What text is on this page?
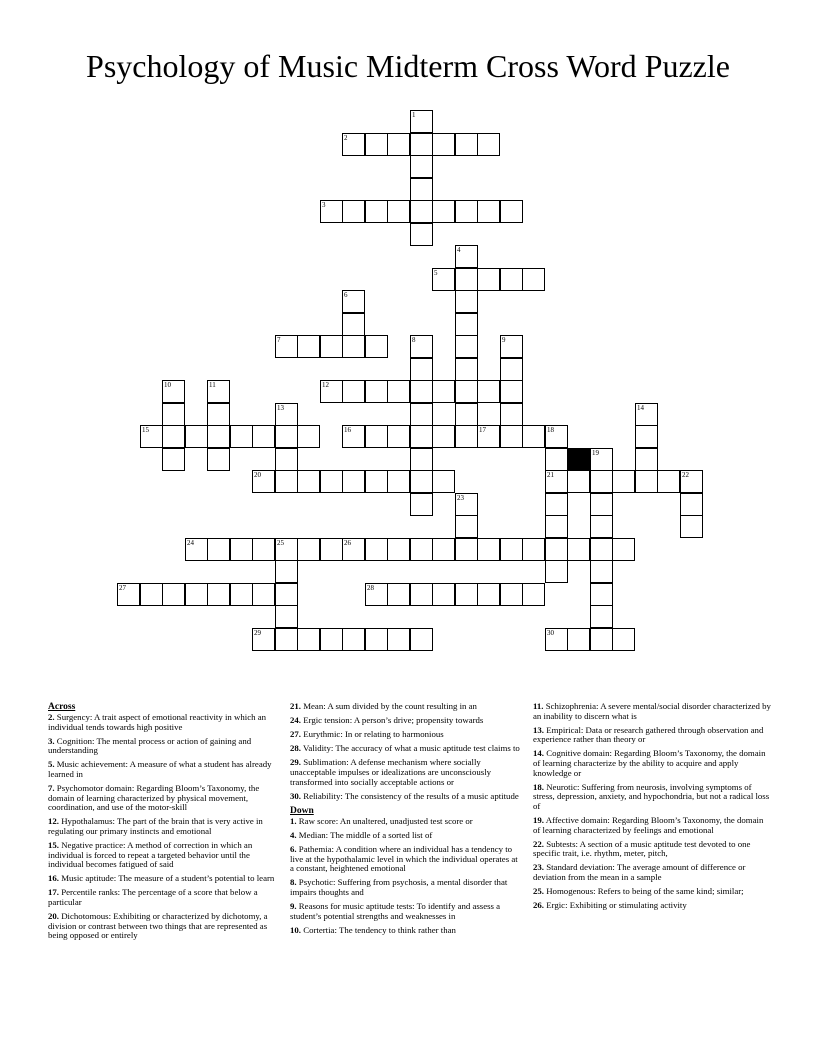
Psychology of Music Midterm Cross Word Puzzle
1
2
3
4
5
6
7	8	9
12
10	11
13	14
15	16	17	18
21
19
20	22
23
24	25	26
27	28
29	30
Across
2. Surgency: A trait aspect of emotional reactivity in which an individual tends towards high positive
3. Cognition: The mental process or action of gaining and understanding
5. Music achievement: A measure of what a student has already learned in
7. Psychomotor domain: Regarding Bloom’s Taxonomy, the domain of learning characterized by physical movement, coordination, and use of the motor-skill
12. Hypothalamus: The part of the brain that is very active in regulating our primary instincts and emotional
15. Negative practice: A method of correction in which an individual is forced to repeat a targeted behavior until the individual becomes fatigued of said
16. Music aptitude: The measure of a student’s potential to learn
17. Percentile ranks: The percentage of a score that below a particular
20. Dichotomous: Exhibiting or characterized by dichotomy, a division or contrast between two things that are represented as being opposed or entirely
21. Mean: A sum divided by the count resulting in an
24. Ergic tension: A person’s drive; propensity towards
27. Eurythmic: In or relating to harmonious
28. Validity: The accuracy of what a music aptitude test claims to
29. Sublimation: A defense mechanism where socially unacceptable impulses or idealizations are unconsciously transformed into socially acceptable actions or
30. Reliability: The consistency of the results of a music aptitude
Down
1. Raw score: An unaltered, unadjusted test score or
4. Median: The middle of a sorted list of
6. Pathemia: A condition where an individual has a tendency to live at the hypothalamic level in which the individual operates at a constant, heightened emotional
8. Psychotic: Suffering from psychosis, a mental disorder that impairs thoughts and
9. Reasons for music aptitude tests: To identify and assess a student’s potential strengths and weaknesses in
10. Cortertia: The tendency to think rather than
11. Schizophrenia: A severe mental/social disorder characterized by an inability to discern what is
13. Empirical: Data or research gathered through observation and experience rather than theory or
14. Cognitive domain: Regarding Bloom’s Taxonomy, the domain of learning characterize by the ability to acquire and apply knowledge or
18. Neurotic: Suffering from neurosis, involving symptoms of stress, depression, anxiety, and hypochondria, but not a radical loss of
19. Affective domain: Regarding Bloom’s Taxonomy, the domain of learning characterized by feelings and emotional
22. Subtests: A section of a music aptitude test devoted to one specific trait, i.e. rhythm, meter, pitch,
23. Standard deviation: The average amount of difference or deviation from the mean in a sample
25. Homogenous: Refers to being of the same kind; similar;
26. Ergic: Exhibiting or stimulating activity
